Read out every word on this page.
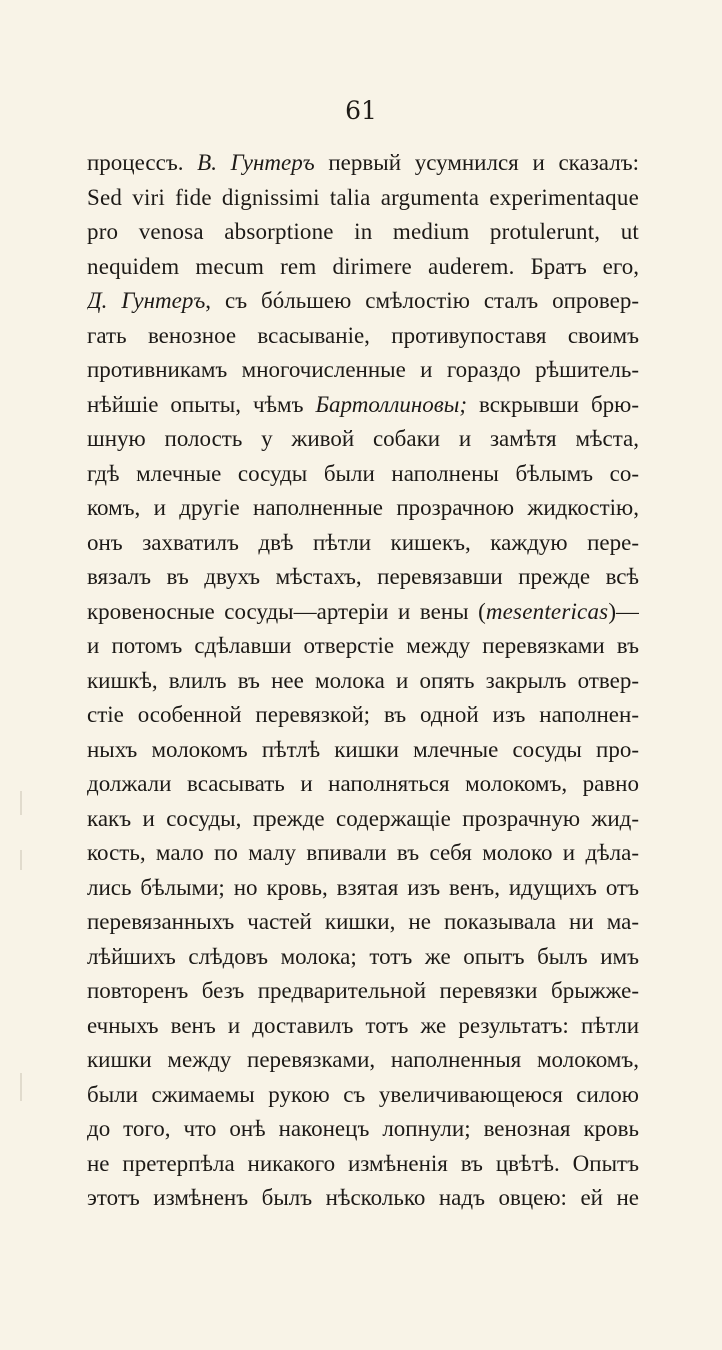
61
процессъ. В. Гунтеръ первый усумнился и сказалъ:
Sed viri fide dignissimi talia argumenta experimentaque
pro venosa absorptione in medium protulerunt, ut
nequidem mecum rem dirimere auderem. Братъ его,
Д. Гунтеръ, съ бóльшею смѣлостію сталъ опровер-
гать венозное всасываніе, противупоставя своимъ
противникамъ многочисленные и гораздо рѣшитель-
нѣйшіе опыты, чѣмъ Бартоллиновы; вскрывши брю-
шную полость у живой собаки и замѣтя мѣста,
гдѣ млечные сосуды были наполнены бѣлымъ со-
комъ, и другіе наполненные прозрачною жидкостію,
онъ захватилъ двѣ пѣтли кишекъ, каждую пере-
вязалъ въ двухъ мѣстахъ, перевязавши прежде всѣ
кровеносные сосуды—артеріи и вены (mesentericas)—
и потомъ сдѣлавши отверстіе между перевязками въ
кишкѣ, влилъ въ нее молока и опять закрылъ отвер-
стіе особенной перевязкой; въ одной изъ наполнен-
ныхъ молокомъ пѣтлѣ кишки млечные сосуды про-
должали всасывать и наполняться молокомъ, равно
какъ и сосуды, прежде содержащіе прозрачную жид-
кость, мало по малу впивали въ себя молоко и дѣла-
лись бѣлыми; но кровь, взятая изъ венъ, идущихъ отъ
перевязанныхъ частей кишки, не показывала ни ма-
лѣйшихъ слѣдовъ молока; тотъ же опытъ былъ имъ
повторенъ безъ предварительной перевязки брыжже-
ечныхъ венъ и доставилъ тотъ же результатъ: пѣтли
кишки между перевязками, наполненныя молокомъ,
были сжимаемы рукою съ увеличивающеюся силою
до того, что онѣ наконецъ лопнули; венозная кровь
не претерпѣла никакого измѣненія въ цвѣтѣ. Опытъ
этотъ измѣненъ былъ нѣсколько надъ овцею: ей не
